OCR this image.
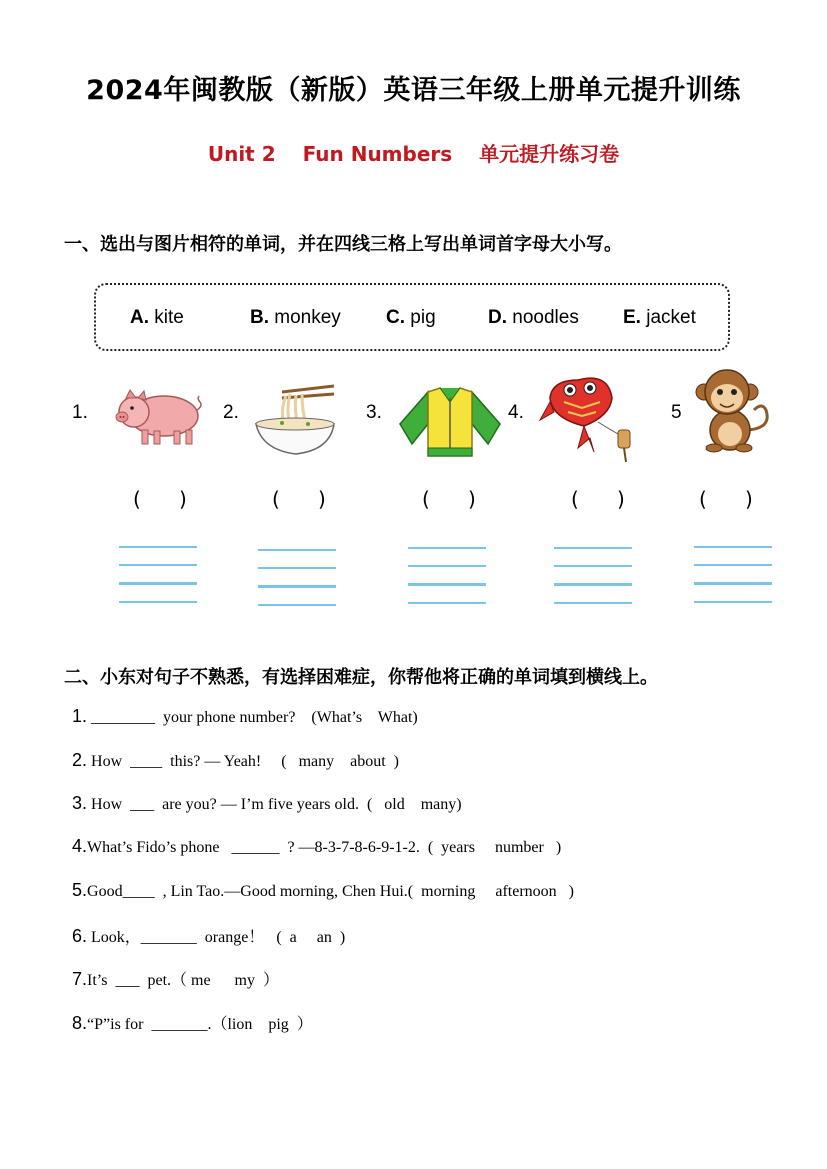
2024年闽教版（新版）英语三年级上册单元提升训练
Unit 2 Fun Numbers 单元提升练习卷
一、选出与图片相符的单词，并在四线三格上写出单词首字母大小写。
A. kite	B. monkey C. pig	D. noodles E. jacket
1.	2.	3.	4.	5
(      )	(      )	(      )	(      )	(      )
二、小东对句子不熟悉，有选择困难症，你帮他将正确的单词填到横线上。
1. ________  your phone number?    (What’s    What)
2. How  ____  this? — Yeah!     (   many    about  )
3. How  ___  are you? — I’m five years old.  (   old    many)
4.What’s Fido’s phone   ______  ? —8-3-7-8-6-9-1-2.  (  years     number   )
5.Good____  , Lin Tao.—Good morning, Chen Hui.(  morning     afternoon   )
6. Look，_______  orange！   (  a     an  )
7.It’s  ___  pet.（ me      my  ）
8.“P”is for  _______.（lion    pig  ）
